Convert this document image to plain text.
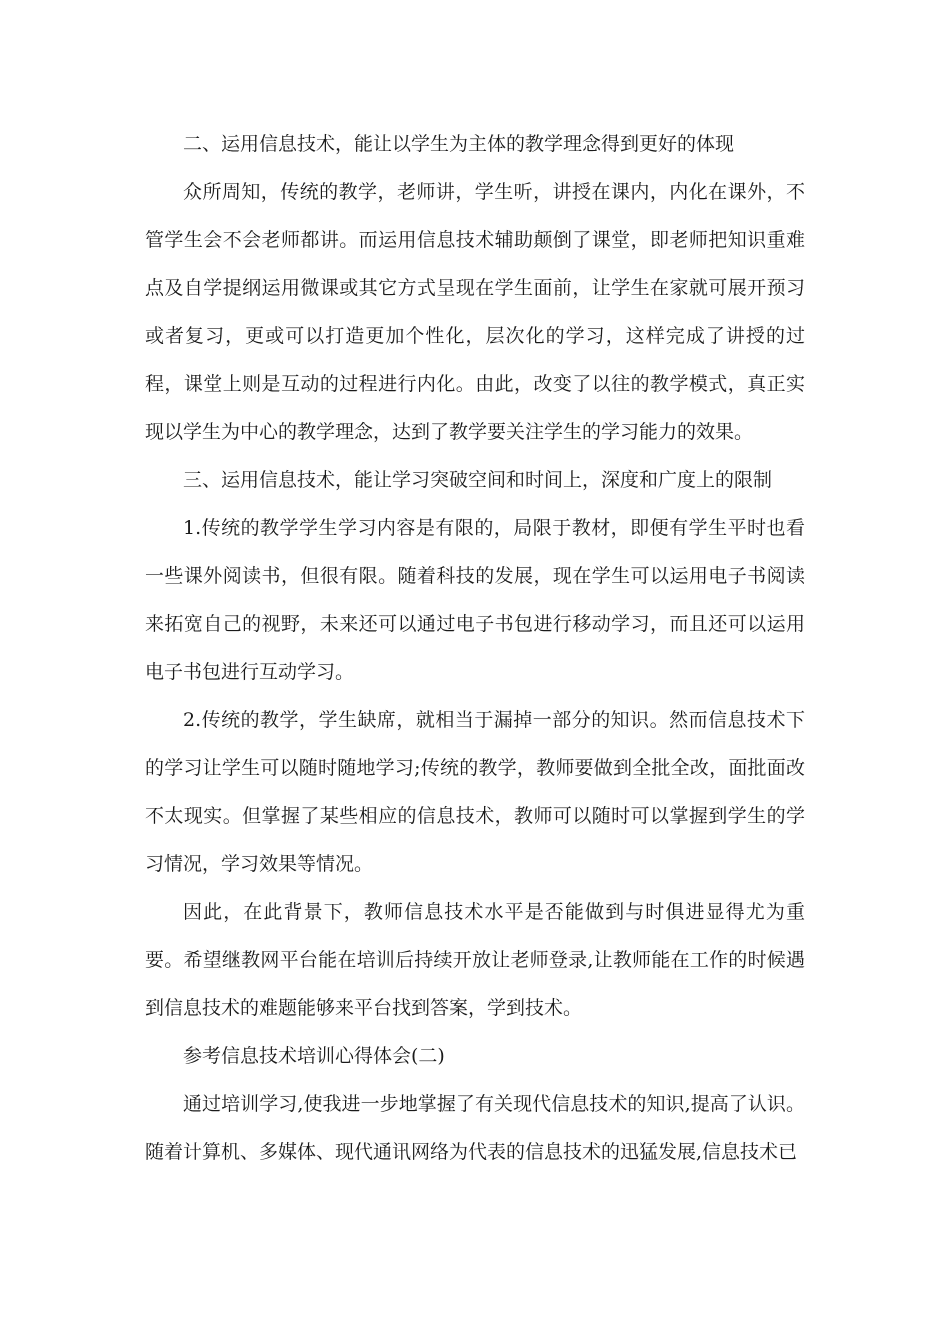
二、运用信息技术，能让以学生为主体的教学理念得到更好的体现

众所周知，传统的教学，老师讲，学生听，讲授在课内，内化在课外，不管学生会不会老师都讲。而运用信息技术辅助颠倒了课堂，即老师把知识重难点及自学提纲运用微课或其它方式呈现在学生面前，让学生在家就可展开预习或者复习，更或可以打造更加个性化，层次化的学习，这样完成了讲授的过程，课堂上则是互动的过程进行内化。由此，改变了以往的教学模式，真正实现以学生为中心的教学理念，达到了教学要关注学生的学习能力的效果。

三、运用信息技术，能让学习突破空间和时间上，深度和广度上的限制

1.传统的教学学生学习内容是有限的，局限于教材，即便有学生平时也看一些课外阅读书，但很有限。随着科技的发展，现在学生可以运用电子书阅读来拓宽自己的视野，未来还可以通过电子书包进行移动学习，而且还可以运用电子书包进行互动学习。

2.传统的教学，学生缺席，就相当于漏掉一部分的知识。然而信息技术下的学习让学生可以随时随地学习;传统的教学，教师要做到全批全改，面批面改不太现实。但掌握了某些相应的信息技术，教师可以随时可以掌握到学生的学习情况，学习效果等情况。

因此，在此背景下，教师信息技术水平是否能做到与时俱进显得尤为重要。希望继教网平台能在培训后持续开放让老师登录,让教师能在工作的时候遇到信息技术的难题能够来平台找到答案，学到技术。

参考信息技术培训心得体会(二)

通过培训学习,使我进一步地掌握了有关现代信息技术的知识,提高了认识。随着计算机、多媒体、现代通讯网络为代表的信息技术的迅猛发展,信息技术已
